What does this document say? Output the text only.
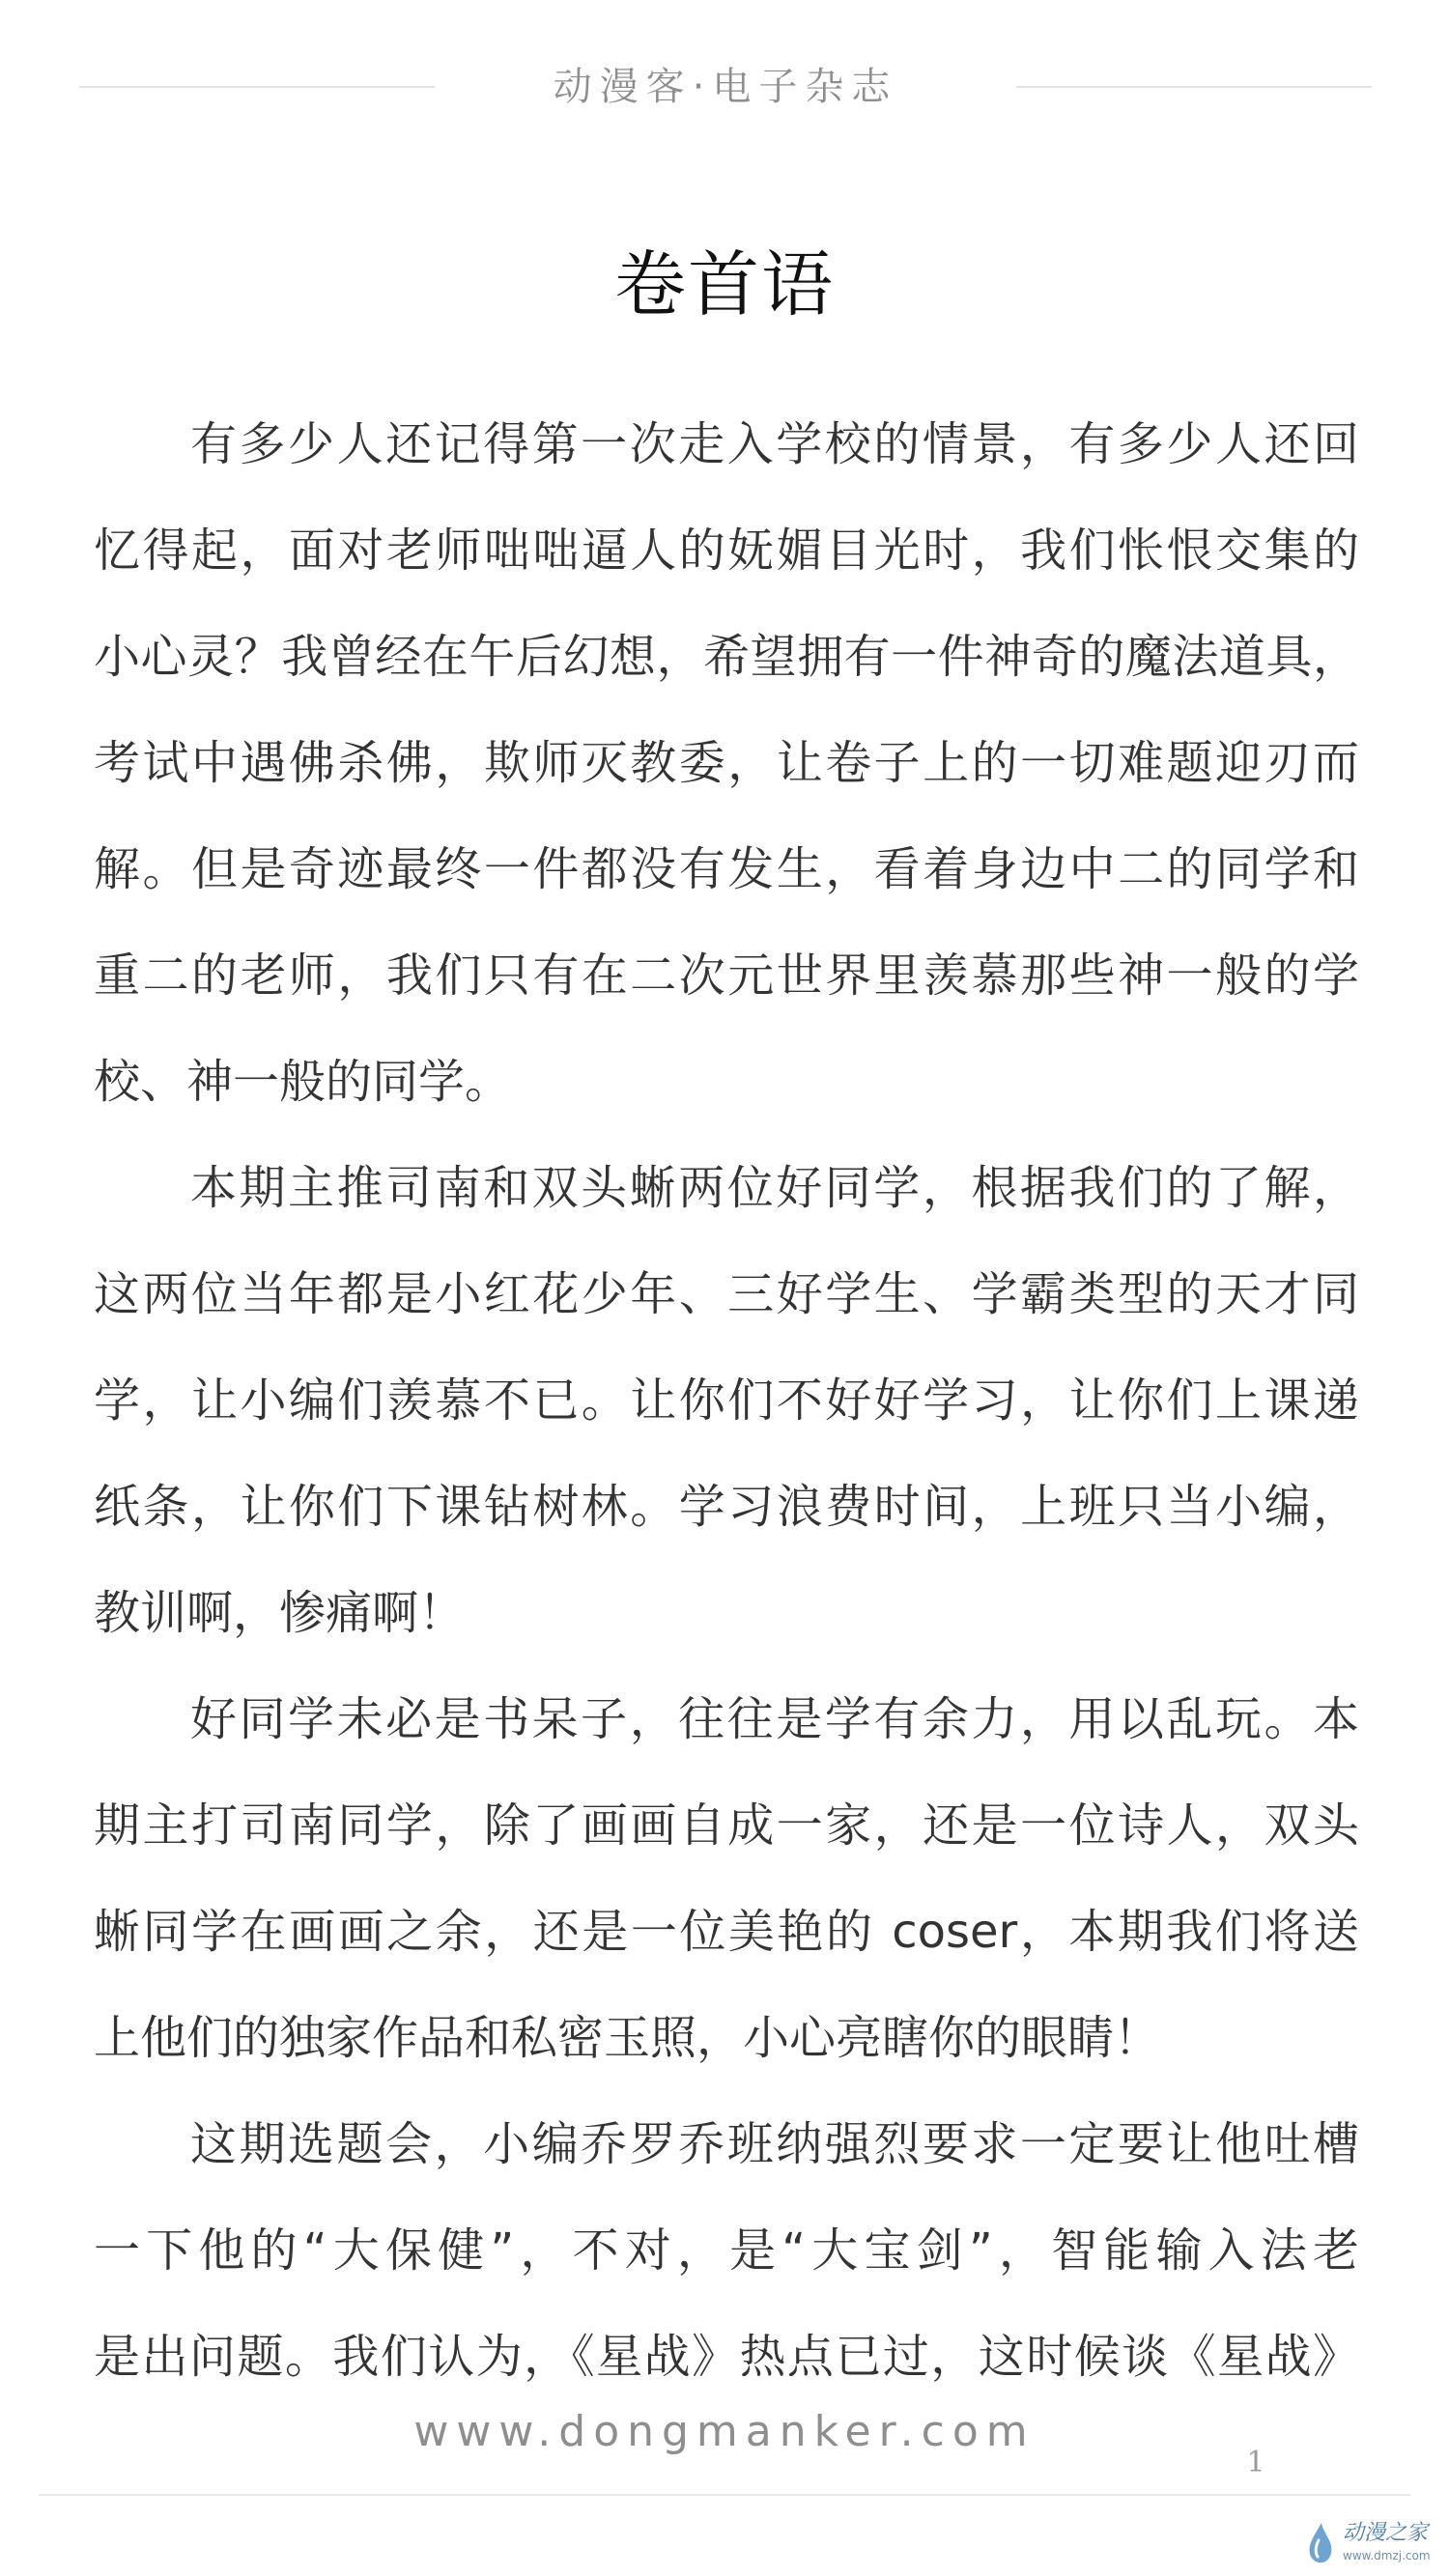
动漫客·电子杂志
卷首语
有多少人还记得第一次走入学校的情景，有多少人还回
忆得起，面对老师咄咄逼人的妩媚目光时，我们怅恨交集的
小心灵？我曾经在午后幻想，希望拥有一件神奇的魔法道具，
考试中遇佛杀佛，欺师灭教委，让卷子上的一切难题迎刃而
解。但是奇迹最终一件都没有发生，看着身边中二的同学和
重二的老师，我们只有在二次元世界里羡慕那些神一般的学
校、神一般的同学。
本期主推司南和双头蜥两位好同学，根据我们的了解，
这两位当年都是小红花少年、三好学生、学霸类型的天才同
学，让小编们羡慕不已。让你们不好好学习，让你们上课递
纸条，让你们下课钻树林。学习浪费时间，上班只当小编，
教训啊，惨痛啊！
好同学未必是书呆子，往往是学有余力，用以乱玩。本
期主打司南同学，除了画画自成一家，还是一位诗人，双头
蜥同学在画画之余，还是一位美艳的 coser，本期我们将送
上他们的独家作品和私密玉照，小心亮瞎你的眼睛！
这期选题会，小编乔罗乔班纳强烈要求一定要让他吐槽
一下他的“大保健”，不对，是“大宝剑”，智能输入法老
是出问题。我们认为，《星战》热点已过，这时候谈《星战》
www.dongmanker.com
1
动漫之家
www.dmzj.com
